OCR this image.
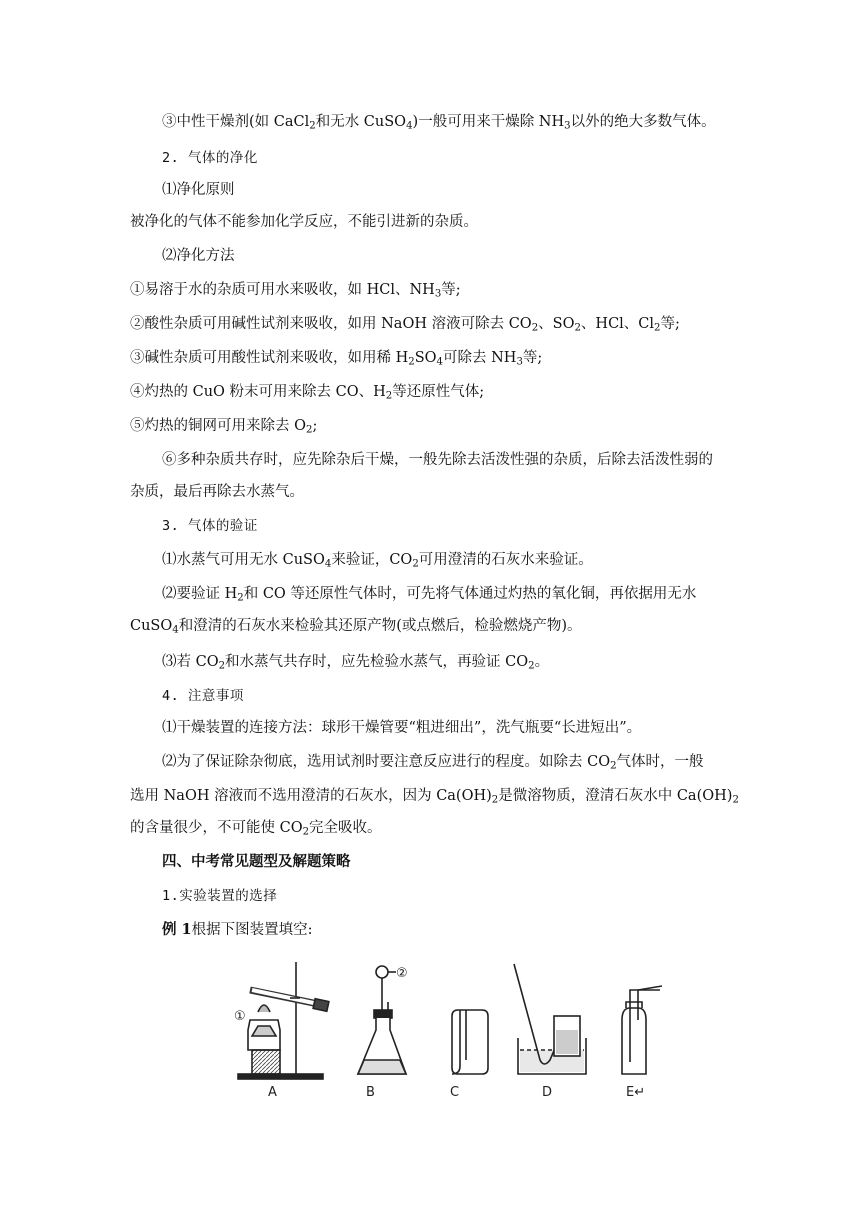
③中性干燥剂(如 CaCl$_2$和无水 CuSO$_4$)一般可用来干燥除 $NH_3$以外的绝大多数气体。
2. 气体的净化
⑴净化原则
被净化的气体不能参加化学反应，不能引进新的杂质。
⑵净化方法
①易溶于水的杂质可用水来吸收，如 HCl、$NH_3$等;
②酸性杂质可用碱性试剂来吸收，如用 NaOH 溶液可除去 $CO_2$、$SO_2$、HCl、$Cl_2$等;
③碱性杂质可用酸性试剂来吸收，如用稀 $H_2SO_4$可除去 $NH_3$等;
④灼热的 CuO 粉末可用来除去 CO、$H_2$等还原性气体;
⑤灼热的铜网可用来除去 $O_2$;
⑥多种杂质共存时，应先除杂后干燥，一般先除去活泼性强的杂质，后除去活泼性弱的
杂质，最后再除去水蒸气。
3. 气体的验证
⑴水蒸气可用无水 CuSO$_4$来验证，$CO_2$可用澄清的石灰水来验证。
⑵要验证 $H_2$和 CO 等还原性气体时，可先将气体通过灼热的氧化铜，再依据用无水
CuSO$_4$和澄清的石灰水来检验其还原产物(或点燃后，检验燃烧产物)。
⑶若 $CO_2$和水蒸气共存时，应先检验水蒸气，再验证 $CO_2$。
4. 注意事项
⑴干燥装置的连接方法：球形干燥管要“粗进细出”，洗气瓶要“长进短出”。
⑵为了保证除杂彻底，选用试剂时要注意反应进行的程度。如除去 $CO_2$气体时，一般
选用 NaOH 溶液而不选用澄清的石灰水，因为 $Ca(OH)_2$是微溶物质，澄清石灰水中 $Ca(OH)_2$
的含量很少，不可能使 $CO_2$完全吸收。
四、中考常见题型及解题策略
1.实验装置的选择
例 1根据下图装置填空:
①
②
A	B	C	D	E↵
